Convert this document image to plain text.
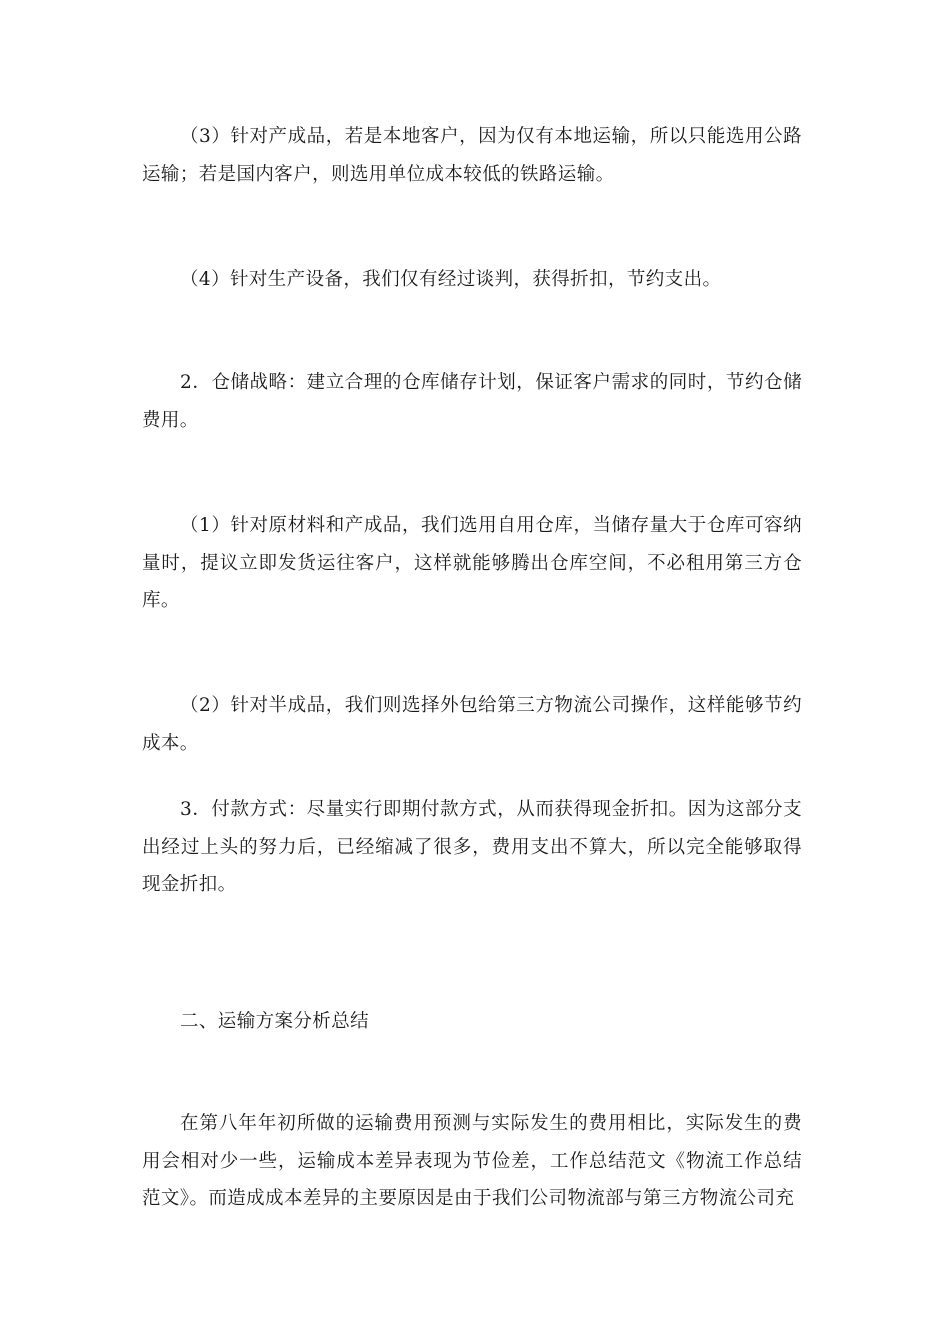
（3）针对产成品，若是本地客户，因为仅有本地运输，所以只能选用公路运输；若是国内客户，则选用单位成本较低的铁路运输。

（4）针对生产设备，我们仅有经过谈判，获得折扣，节约支出。

2．仓储战略：建立合理的仓库储存计划，保证客户需求的同时，节约仓储费用。

（1）针对原材料和产成品，我们选用自用仓库，当储存量大于仓库可容纳量时，提议立即发货运往客户，这样就能够腾出仓库空间，不必租用第三方仓库。

（2）针对半成品，我们则选择外包给第三方物流公司操作，这样能够节约成本。

3．付款方式：尽量实行即期付款方式，从而获得现金折扣。因为这部分支出经过上头的努力后，已经缩减了很多，费用支出不算大，所以完全能够取得现金折扣。

二、运输方案分析总结

在第八年年初所做的运输费用预测与实际发生的费用相比，实际发生的费用会相对少一些，运输成本差异表现为节俭差，工作总结范文《物流工作总结范文》。而造成成本差异的主要原因是由于我们公司物流部与第三方物流公司充
